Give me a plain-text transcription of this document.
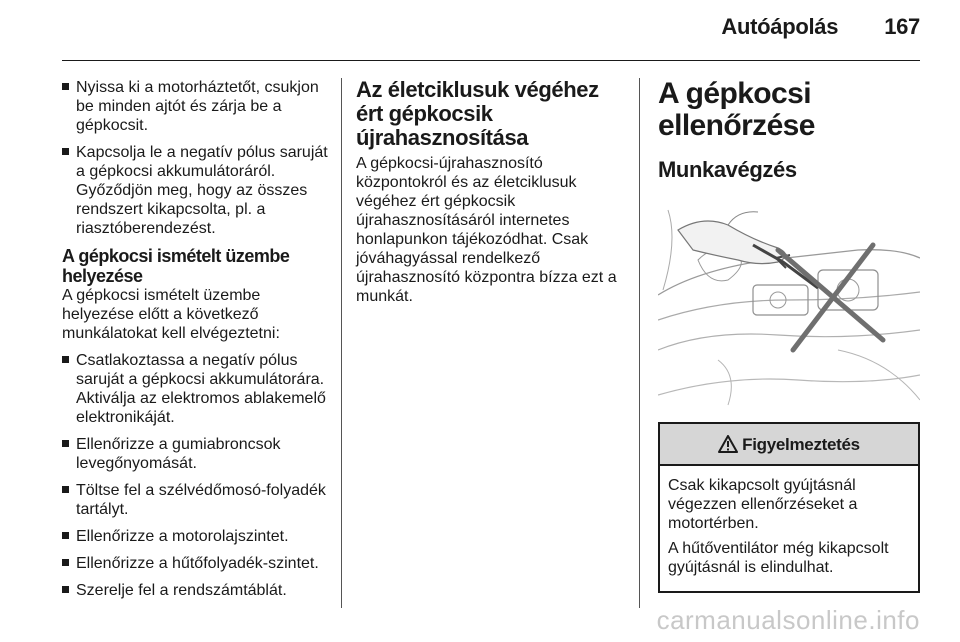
Autóápolás 167
Nyissa ki a motorháztetőt, csukjon be minden ajtót és zárja be a gépkocsit.
Kapcsolja le a negatív pólus saruját a gépkocsi akkumulátoráról. Győződjön meg, hogy az összes rendszert kikapcsolta, pl. a riasztóberendezést.
A gépkocsi ismételt üzembe helyezése

A gépkocsi ismételt üzembe helyezése előtt a következő munkálatokat kell elvégeztetni:

Csatlakoztassa a negatív pólus saruját a gépkocsi akkumulátorára. Aktiválja az elektromos ablakemelő elektronikáját.
Ellenőrizze a gumiabroncsok levegőnyomását.
Töltse fel a szélvédőmosó-folyadék tartályt.
Ellenőrizze a motorolajszintet.
Ellenőrizze a hűtőfolyadék-szintet.
Szerelje fel a rendszámtáblát.
Az életciklusuk végéhez ért gépkocsik újrahasznosítása

A gépkocsi-újrahasznosító központokról és az életciklusuk végéhez ért gépkocsik újrahasznosításáról internetes honlapunkon tájékozódhat. Csak jóváhagyással rendelkező újrahasznosító központra bízza ezt a munkát.

A gépkocsi ellenőrzése
Munkavégzés
Figyelmeztetés

Csak kikapcsolt gyújtásnál végezzen ellenőrzéseket a motortérben.

A hűtőventilátor még kikapcsolt gyújtásnál is elindulhat.

carmanualsonline.info
